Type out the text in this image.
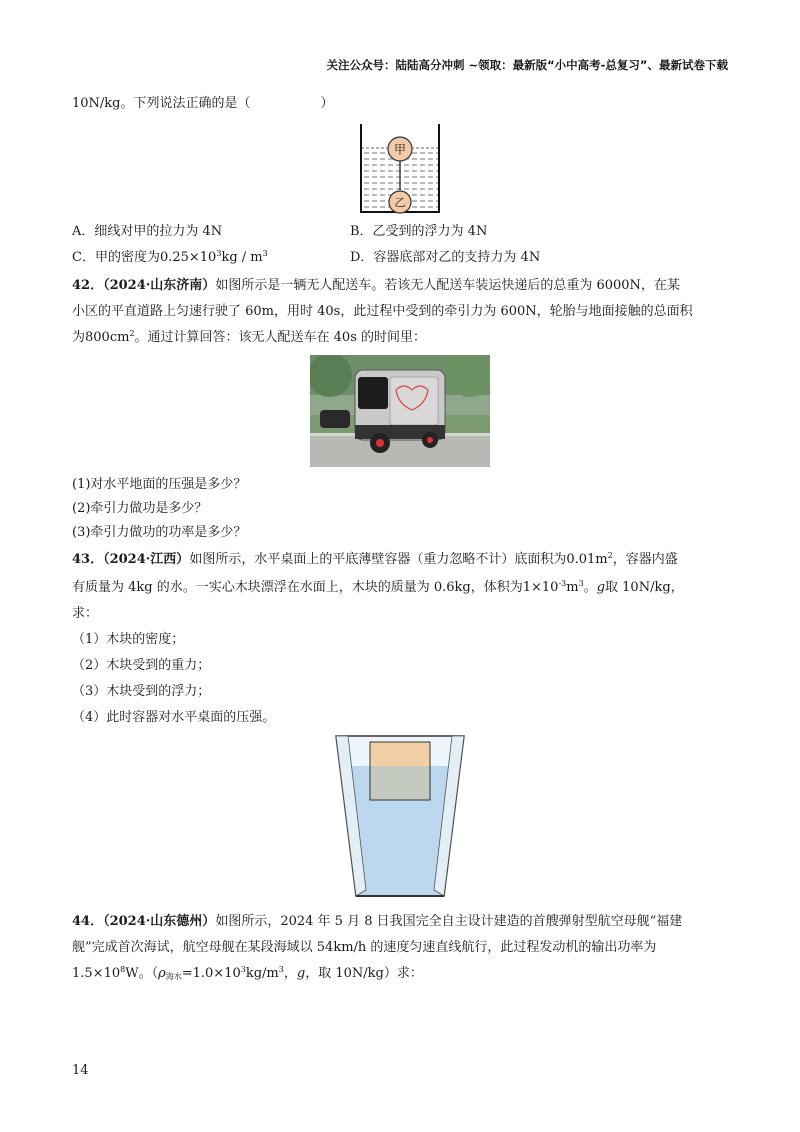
关注公众号：陆陆高分冲刺 ~领取：最新版“小中高考-总复习”、最新试卷下载
10N/kg。下列说法正确的是（	）
甲
乙
A．细线对甲的拉力为 4N	B．乙受到的浮力为 4N
C．甲的密度为$0.25\times 10^3kg / m^3$	D．容器底部对乙的支持力为 4N
42．（2024·山东济南）如图所示是一辆无人配送车。若该无人配送车装运快递后的总重为 6000N，在某
小区的平直道路上匀速行驶了 60m，用时 40s，此过程中受到的牵引力为 600N，轮胎与地面接触的总面积
为$800cm^2$。通过计算回答：该无人配送车在 40s 的时间里：
(1)对水平地面的压强是多少？
(2)牵引力做功是多少？
(3)牵引力做功的功率是多少？
43．（2024·江西）如图所示，水平桌面上的平底薄壁容器（重力忽略不计）底面积为$0.01m^2$，容器内盛
有质量为 4kg 的水。一实心木块漂浮在水面上，木块的质量为 0.6kg，体积为$1\times 10^{-3}m^3$。g取 10N/kg，
求：
（1）木块的密度；
（2）木块受到的重力；
（3）木块受到的浮力；
（4）此时容器对水平桌面的压强。
44．（2024·山东德州）如图所示，2024 年 5 月 8 日我国完全自主设计建造的首艘弹射型航空母舰“福建
舰”完成首次海试，航空母舰在某段海域以 54km/h 的速度匀速直线航行，此过程发动机的输出功率为
$1.5\times 10^8W$。（$\rho_{海水}=1.0\times 10^3kg/m^3$，g，取 10N/kg）求：
14
